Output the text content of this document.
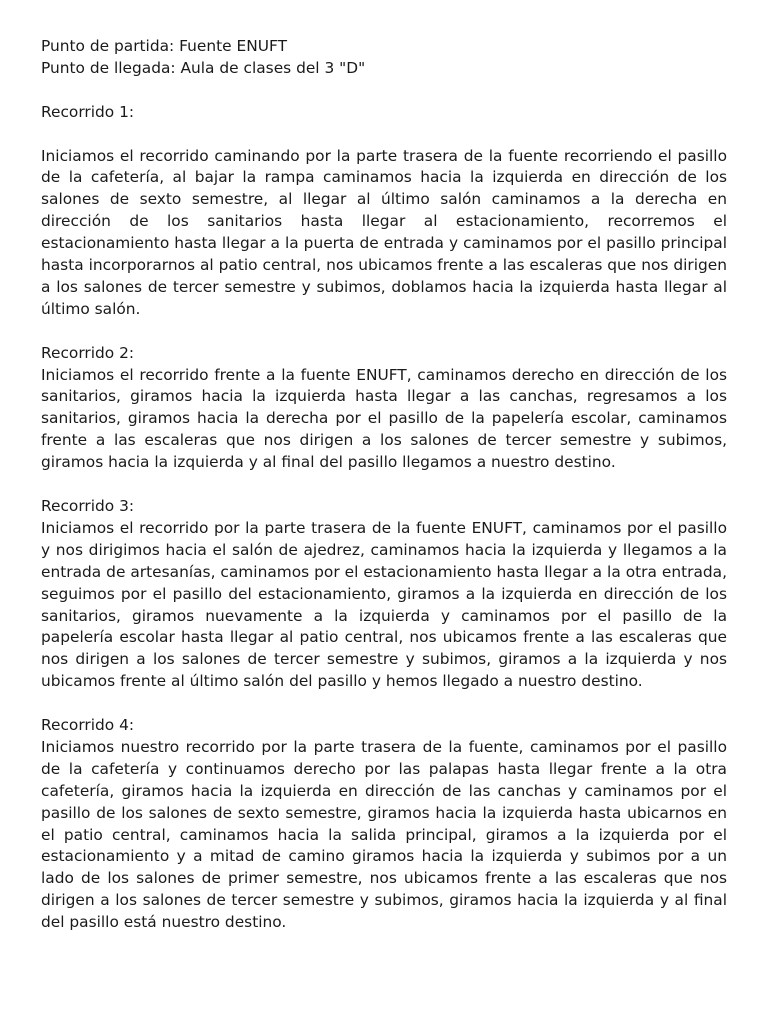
Punto de partida: Fuente ENUFT

Punto de llegada: Aula de clases del 3 "D"

Recorrido 1:

Iniciamos el recorrido caminando por la parte trasera de la fuente recorriendo el pasillo de la cafetería, al bajar la rampa caminamos hacia la izquierda en dirección de los salones de sexto semestre, al llegar al último salón caminamos a la derecha en dirección de los sanitarios hasta llegar al estacionamiento, recorremos el estacionamiento hasta llegar a la puerta de entrada y caminamos por el pasillo principal hasta incorporarnos al patio central, nos ubicamos frente a las escaleras que nos dirigen a los salones de tercer semestre y subimos, doblamos hacia la izquierda hasta llegar al último salón.

Recorrido 2:

Iniciamos el recorrido frente a la fuente ENUFT, caminamos derecho en dirección de los sanitarios, giramos hacia la izquierda hasta llegar a las canchas, regresamos a los sanitarios, giramos hacia la derecha por el pasillo de la papelería escolar, caminamos frente a las escaleras que nos dirigen a los salones de tercer semestre y subimos, giramos hacia la izquierda y al final del pasillo llegamos a nuestro destino.

Recorrido 3:

Iniciamos el recorrido por la parte trasera de la fuente ENUFT, caminamos por el pasillo y nos dirigimos hacia el salón de ajedrez, caminamos hacia la izquierda y llegamos a la entrada de artesanías, caminamos por el estacionamiento hasta llegar a la otra entrada, seguimos por el pasillo del estacionamiento, giramos a la izquierda en dirección de los sanitarios, giramos nuevamente a la izquierda y caminamos por el pasillo de la papelería escolar hasta llegar al patio central, nos ubicamos frente a las escaleras que nos dirigen a los salones de tercer semestre y subimos, giramos a la izquierda y nos ubicamos frente al último salón del pasillo y hemos llegado a nuestro destino.

Recorrido 4:

Iniciamos nuestro recorrido por la parte trasera de la fuente, caminamos por el pasillo de la cafetería y continuamos derecho por las palapas hasta llegar frente a la otra cafetería, giramos hacia la izquierda en dirección de las canchas y caminamos por el pasillo de los salones de sexto semestre, giramos hacia la izquierda hasta ubicarnos en el patio central, caminamos hacia la salida principal, giramos a la izquierda por el estacionamiento y a mitad de camino giramos hacia la izquierda y subimos por a un lado de los salones de primer semestre, nos ubicamos frente a las escaleras que nos dirigen a los salones de tercer semestre y subimos, giramos hacia la izquierda y al final del pasillo está nuestro destino.
